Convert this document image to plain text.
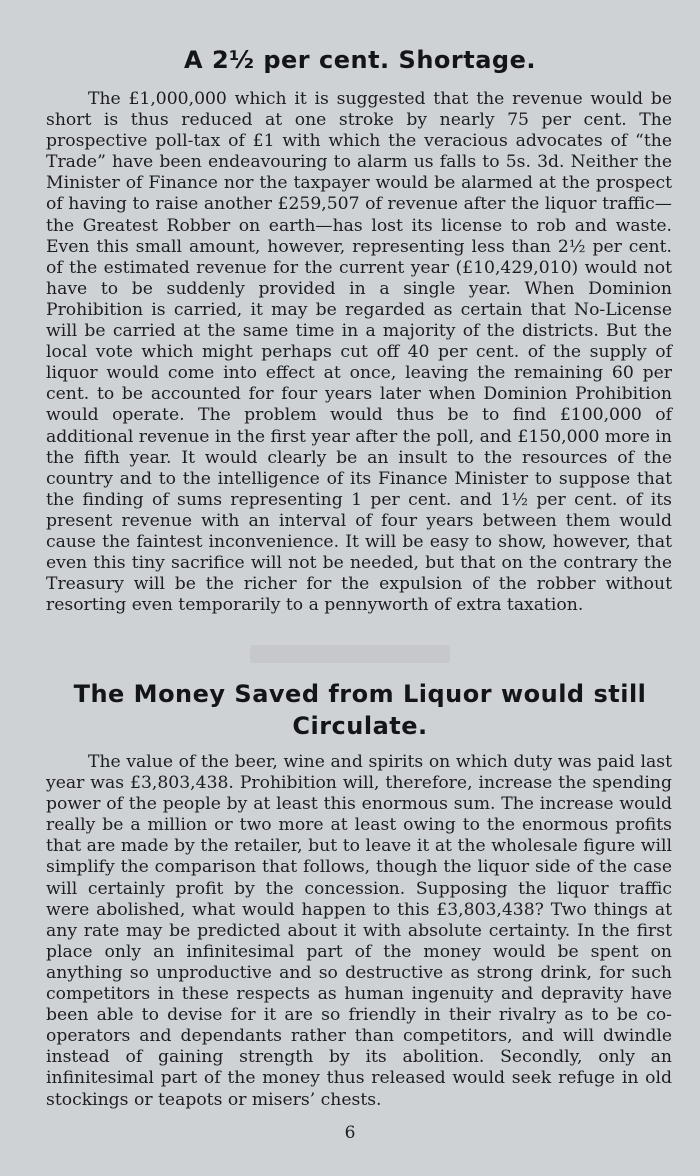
A 2½ per cent. Shortage.

The £1,000,000 which it is suggested that the revenue would be short is thus reduced at one stroke by nearly 75 per cent. The prospective poll-tax of £1 with which the veracious advocates of “the Trade” have been endeavouring to alarm us falls to 5s. 3d. Neither the Minister of Finance nor the taxpayer would be alarmed at the prospect of having to raise another £259,507 of revenue after the liquor traffic—the Greatest Robber on earth—has lost its license to rob and waste. Even this small amount, however, representing less than 2½ per cent. of the estimated revenue for the current year (£10,429,010) would not have to be suddenly provided in a single year. When Dominion Prohibition is carried, it may be regarded as certain that No-License will be carried at the same time in a majority of the districts. But the local vote which might perhaps cut off 40 per cent. of the supply of liquor would come into effect at once, leaving the remaining 60 per cent. to be accounted for four years later when Dominion Prohibition would operate. The problem would thus be to find £100,000 of additional revenue in the first year after the poll, and £150,000 more in the fifth year. It would clearly be an insult to the resources of the country and to the intelligence of its Finance Minister to suppose that the finding of sums representing 1 per cent. and 1½ per cent. of its present revenue with an interval of four years between them would cause the faintest inconvenience. It will be easy to show, however, that even this tiny sacrifice will not be needed, but that on the contrary the Treasury will be the richer for the expulsion of the robber without resorting even temporarily to a pennyworth of extra taxation.

The Money Saved from Liquor would still Circulate.

The value of the beer, wine and spirits on which duty was paid last year was £3,803,438. Prohibition will, therefore, increase the spending power of the people by at least this enormous sum. The increase would really be a million or two more at least owing to the enormous profits that are made by the retailer, but to leave it at the wholesale figure will simplify the comparison that follows, though the liquor side of the case will certainly profit by the concession. Supposing the liquor traffic were abolished, what would happen to this £3,803,438? Two things at any rate may be predicted about it with absolute certainty. In the first place only an infinitesimal part of the money would be spent on anything so unproductive and so destructive as strong drink, for such competitors in these respects as human ingenuity and depravity have been able to devise for it are so friendly in their rivalry as to be co-operators and dependants rather than competitors, and will dwindle instead of gaining strength by its abolition. Secondly, only an infinitesimal part of the money thus released would seek refuge in old stockings or teapots or misers’ chests.

6
